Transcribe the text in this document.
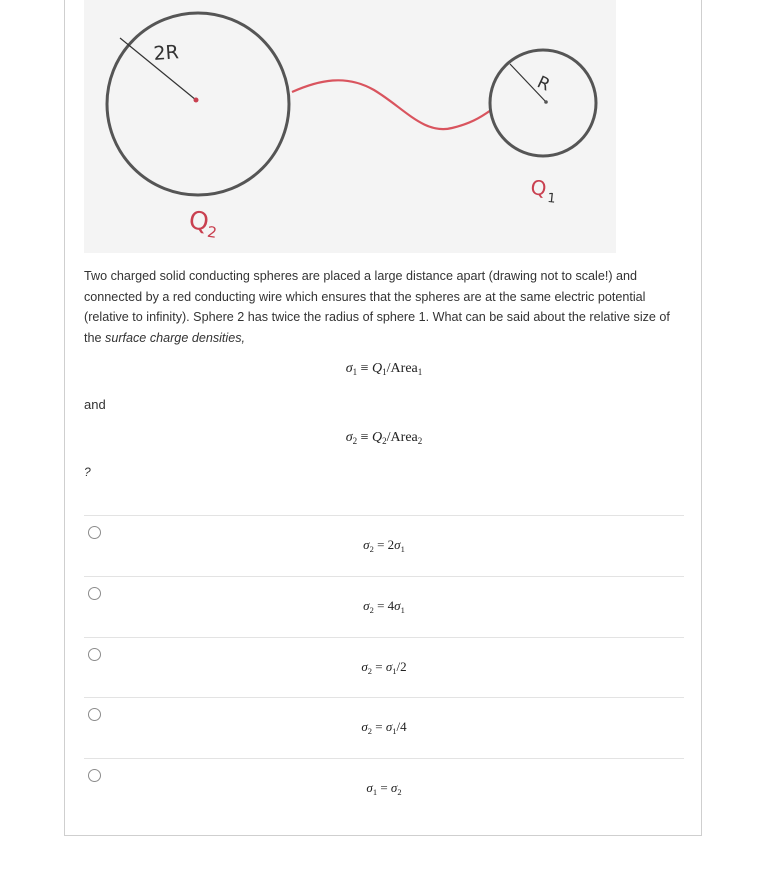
2R
R
$Q_2$
$Q_1$
Two charged solid conducting spheres are placed a large distance apart (drawing not to scale!) and connected by a red conducting wire which ensures that the spheres are at the same electric potential (relative to infinity). Sphere 2 has twice the radius of sphere 1. What can be said about the relative size of the surface charge densities,
$\sigma_1$ ≡ $Q_1/Area_1$
and
$\sigma_2$ ≡ $Q_2/Area_2$
?
$\sigma_2 = 2\sigma_1$
$\sigma_2 = 4\sigma_1$
$\sigma_2 = \sigma_1/2$
$\sigma_2 = \sigma_1/4$
$\sigma_1 = \sigma_2$
